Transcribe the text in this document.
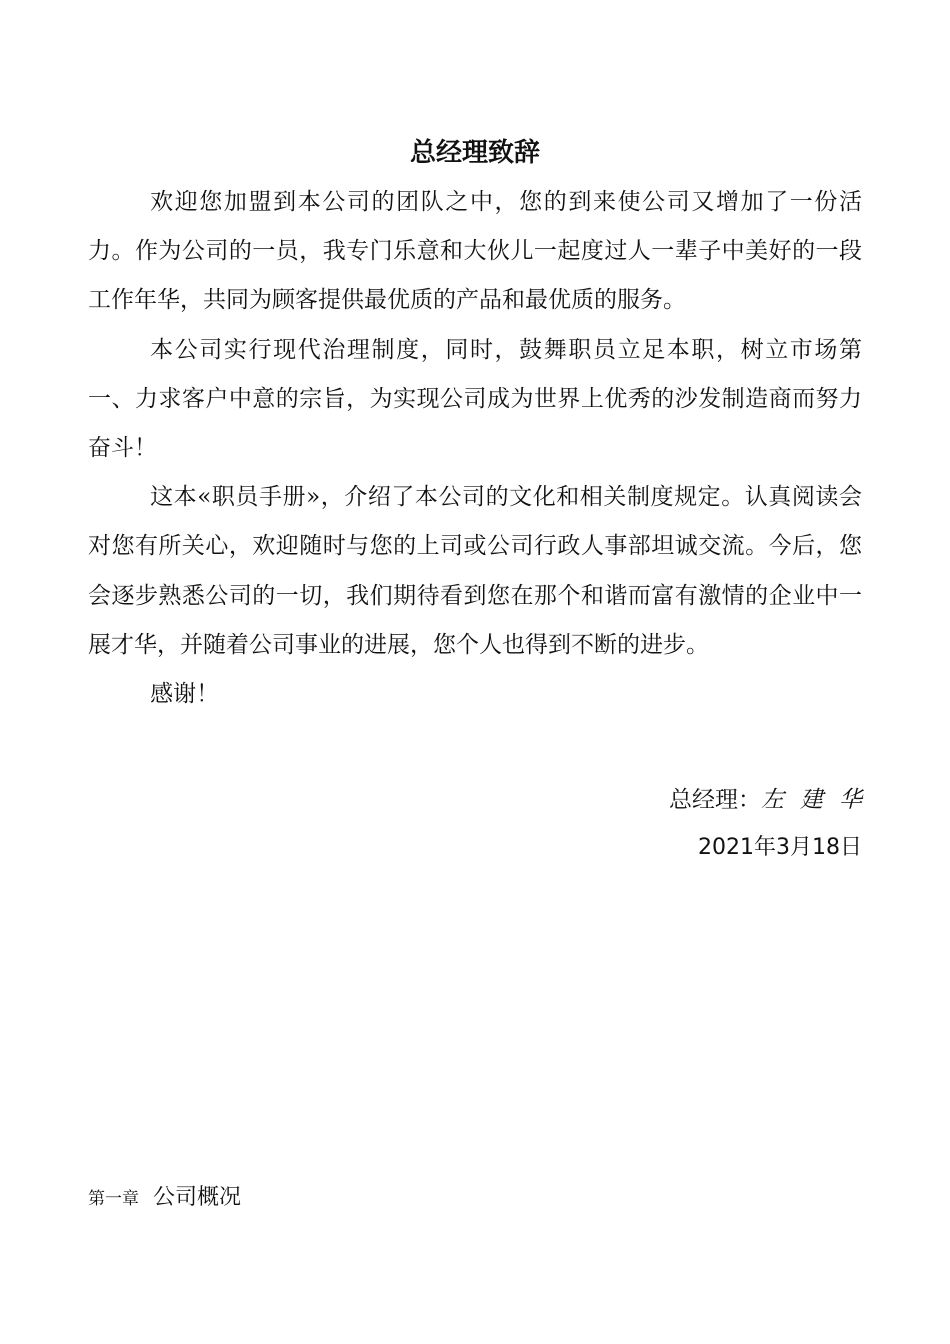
总经理致辞

欢迎您加盟到本公司的团队之中，您的到来使公司又增加了一份活力。作为公司的一员，我专门乐意和大伙儿一起度过人一辈子中美好的一段工作年华，共同为顾客提供最优质的产品和最优质的服务。

本公司实行现代治理制度，同时，鼓舞职员立足本职，树立市场第一、力求客户中意的宗旨，为实现公司成为世界上优秀的沙发制造商而努力奋斗！

这本«职员手册»，介绍了本公司的文化和相关制度规定。认真阅读会对您有所关心，欢迎随时与您的上司或公司行政人事部坦诚交流。今后，您会逐步熟悉公司的一切，我们期待看到您在那个和谐而富有激情的企业中一展才华，并随着公司事业的进展，您个人也得到不断的进步。

感谢！

总经理：左建华
2021年3月18日
第一章 公司概况
